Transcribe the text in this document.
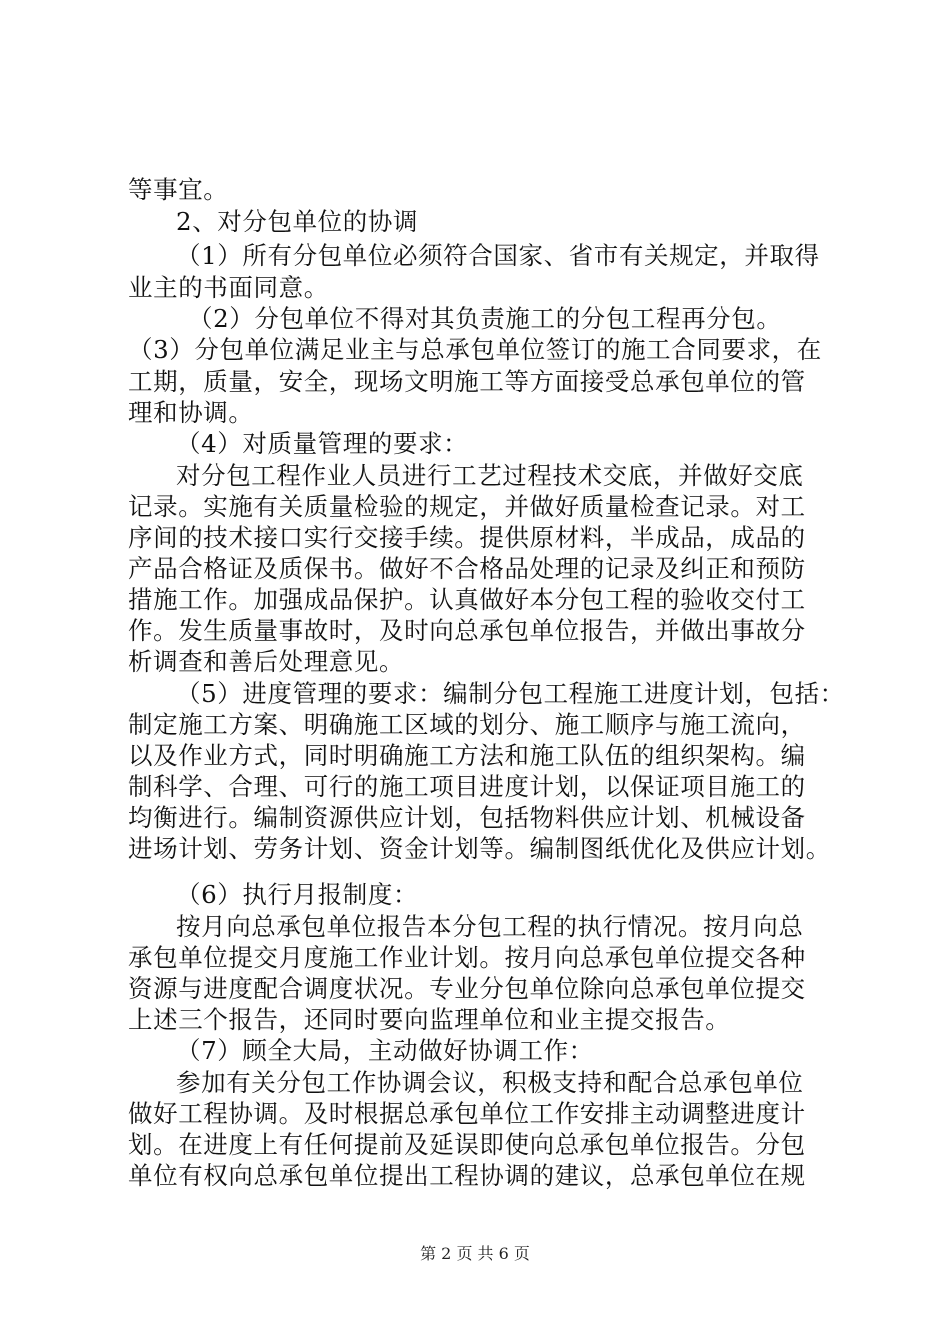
等事宜。
2、对分包单位的协调
（1）所有分包单位必须符合国家、省市有关规定，并取得
业主的书面同意。
（2）分包单位不得对其负责施工的分包工程再分包。
（3）分包单位满足业主与总承包单位签订的施工合同要求，在
工期，质量，安全，现场文明施工等方面接受总承包单位的管
理和协调。
（4）对质量管理的要求：
对分包工程作业人员进行工艺过程技术交底，并做好交底
记录。实施有关质量检验的规定，并做好质量检查记录。对工
序间的技术接口实行交接手续。提供原材料，半成品，成品的
产品合格证及质保书。做好不合格品处理的记录及纠正和预防
措施工作。加强成品保护。认真做好本分包工程的验收交付工
作。发生质量事故时，及时向总承包单位报告，并做出事故分
析调查和善后处理意见。
（5）进度管理的要求：编制分包工程施工进度计划，包括：
制定施工方案、明确施工区域的划分、施工顺序与施工流向，
以及作业方式，同时明确施工方法和施工队伍的组织架构。编
制科学、合理、可行的施工项目进度计划，以保证项目施工的
均衡进行。编制资源供应计划，包括物料供应计划、机械设备
进场计划、劳务计划、资金计划等。编制图纸优化及供应计划。
（6）执行月报制度：
按月向总承包单位报告本分包工程的执行情况。按月向总
承包单位提交月度施工作业计划。按月向总承包单位提交各种
资源与进度配合调度状况。专业分包单位除向总承包单位提交
上述三个报告，还同时要向监理单位和业主提交报告。
（7）顾全大局，主动做好协调工作：
参加有关分包工作协调会议，积极支持和配合总承包单位
做好工程协调。及时根据总承包单位工作安排主动调整进度计
划。在进度上有任何提前及延误即使向总承包单位报告。分包
单位有权向总承包单位提出工程协调的建议，总承包单位在规
第 2 页 共 6 页
